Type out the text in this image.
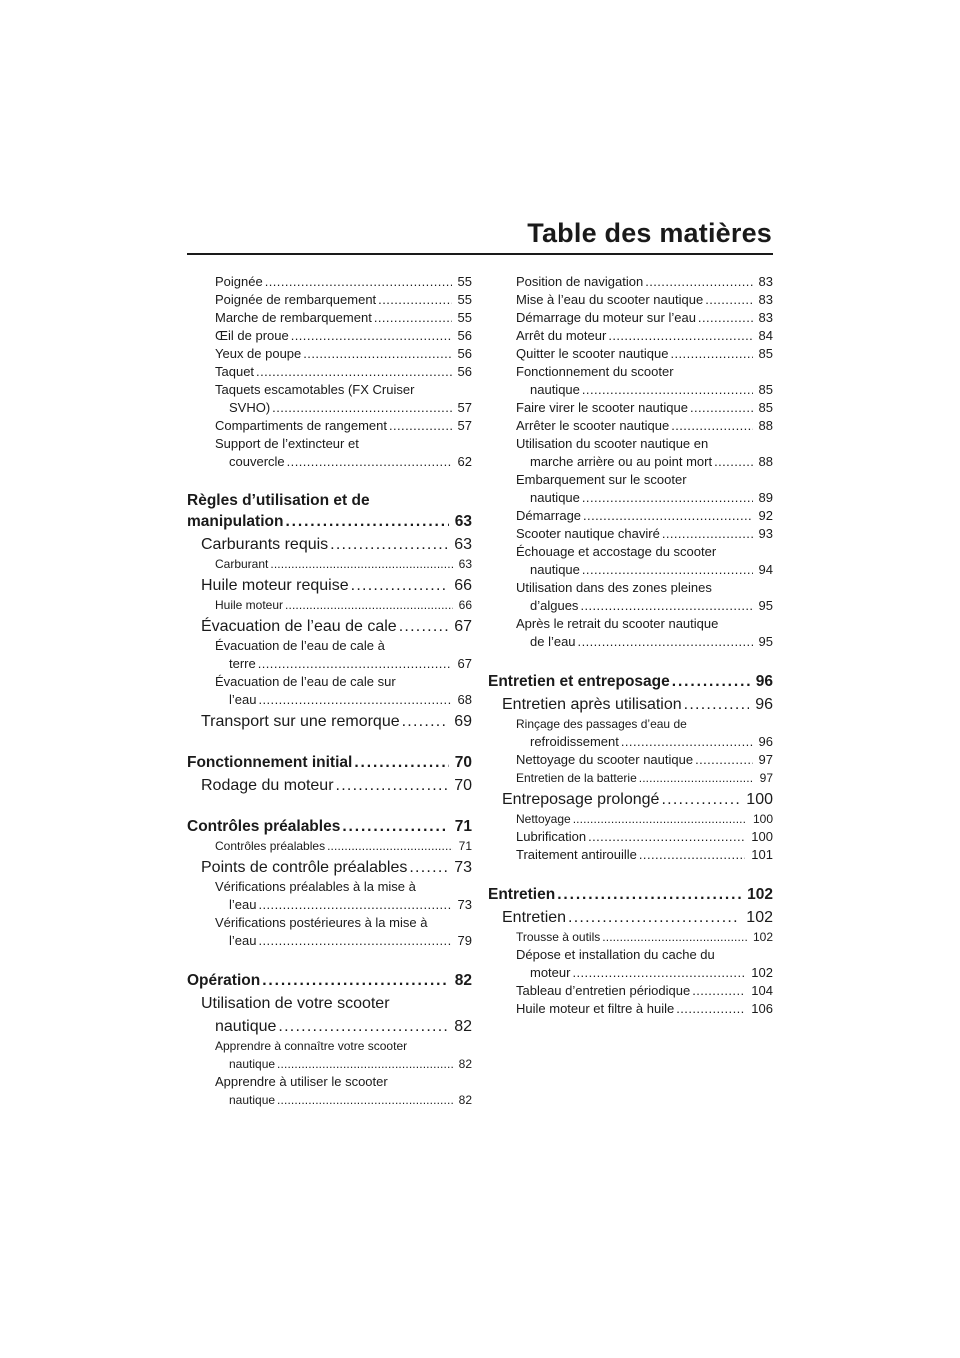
Table des matières
Poignée . . .	55
Poignée de rembarquement . . .	55
Marche de rembarquement . . .	55
Œil de proue . . .	56
Yeux de poupe . . .	56
Taquet . . .	56
Taquets escamotables (FX Cruiser
SVHO) . . .	57
Compartiments de rangement . . .	57
Support de l’extincteur et
couvercle . . .	62
Règles d’utilisation et de
manipulation . . .	63
Carburants requis . . .	63
Carburant . . .	63
Huile moteur requise . . .	66
Huile moteur . . .	66
Évacuation de l’eau de cale . . .	67
Évacuation de l’eau de cale à
terre . . .	67
Évacuation de l’eau de cale sur
l’eau . . .	68
Transport sur une remorque . . .	69
Fonctionnement initial . . .	70
Rodage du moteur . . .	70
Contrôles préalables . . .	71
Contrôles préalables . . .	71
Points de contrôle préalables . . .	73
Vérifications préalables à la mise à
l’eau . . .	73
Vérifications postérieures à la mise à
l’eau . . .	79
Opération . . .	82
Utilisation de votre scooter
nautique . . .	82
Apprendre à connaître votre scooter
nautique . . .	82
Apprendre à utiliser le scooter
nautique . . .	82
Position de navigation . . .	83
Mise à l’eau du scooter nautique . . .	83
Démarrage du moteur sur l’eau . . .	83
Arrêt du moteur . . .	84
Quitter le scooter nautique . . .	85
Fonctionnement du scooter
nautique . . .	85
Faire virer le scooter nautique . . .	85
Arrêter le scooter nautique . . .	88
Utilisation du scooter nautique en
marche arrière ou au point mort . . .	88
Embarquement sur le scooter
nautique . . .	89
Démarrage . . .	92
Scooter nautique chaviré . . .	93
Échouage et accostage du scooter
nautique . . .	94
Utilisation dans des zones pleines
d’algues . . .	95
Après le retrait du scooter nautique
de l’eau . . .	95
Entretien et entreposage . . .	96
Entretien après utilisation . . .	96
Rinçage des passages d’eau de
refroidissement . . .	96
Nettoyage du scooter nautique . . .	97
Entretien de la batterie . . .	97
Entreposage prolongé . . .	100
Nettoyage . . .	100
Lubrification . . .	100
Traitement antirouille . . .	101
Entretien . . .	102
Entretien . . .	102
Trousse à outils . . .	102
Dépose et installation du cache du
moteur . . .	102
Tableau d’entretien périodique . . .	104
Huile moteur et filtre à huile . . .	106
